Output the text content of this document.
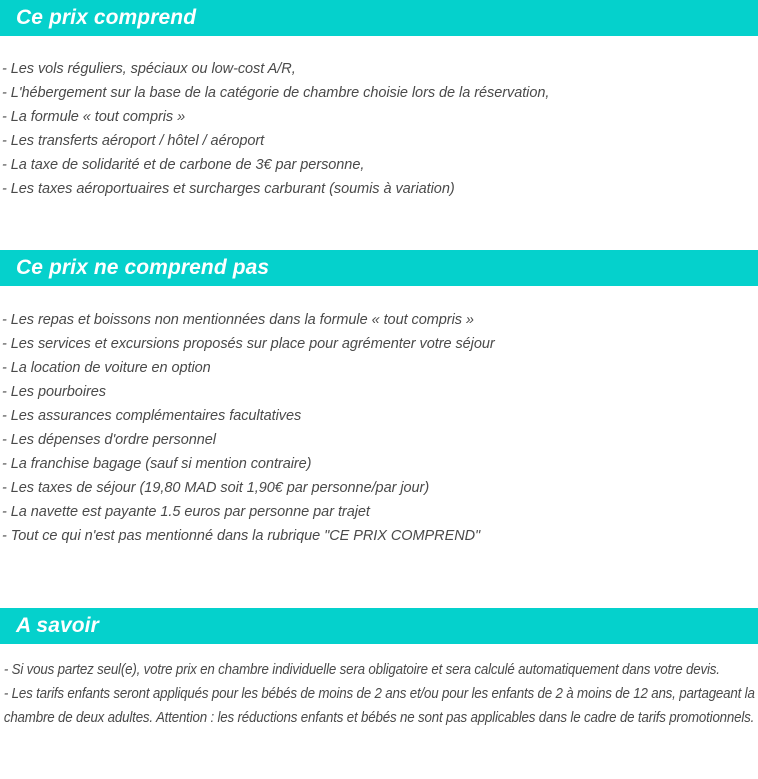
Ce prix comprend
- Les vols réguliers, spéciaux ou low-cost A/R,
- L'hébergement sur la base de la catégorie de chambre choisie lors de la réservation,
- La formule « tout compris »
- Les transferts aéroport / hôtel / aéroport
- La taxe de solidarité et de carbone de 3€ par personne,
- Les taxes aéroportuaires et surcharges carburant (soumis à variation)
Ce prix ne comprend pas
- Les repas et boissons non mentionnées dans la formule « tout compris »
- Les services et excursions proposés sur place pour agrémenter votre séjour
- La location de voiture en option
- Les pourboires
- Les assurances complémentaires facultatives
- Les dépenses d'ordre personnel
- La franchise bagage (sauf si mention contraire)
- Les taxes de séjour (19,80 MAD soit 1,90€ par personne/par jour)
- La navette est payante 1.5 euros par personne par trajet
- Tout ce qui n'est pas mentionné dans la rubrique "CE PRIX COMPREND"
A savoir

- Si vous partez seul(e), votre prix en chambre individuelle sera obligatoire et sera calculé automatiquement dans votre devis.

- Les tarifs enfants seront appliqués pour les bébés de moins de 2 ans et/ou pour les enfants de 2 à moins de 12 ans, partageant la chambre de deux adultes. Attention : les réductions enfants et bébés ne sont pas applicables dans le cadre de tarifs promotionnels.
